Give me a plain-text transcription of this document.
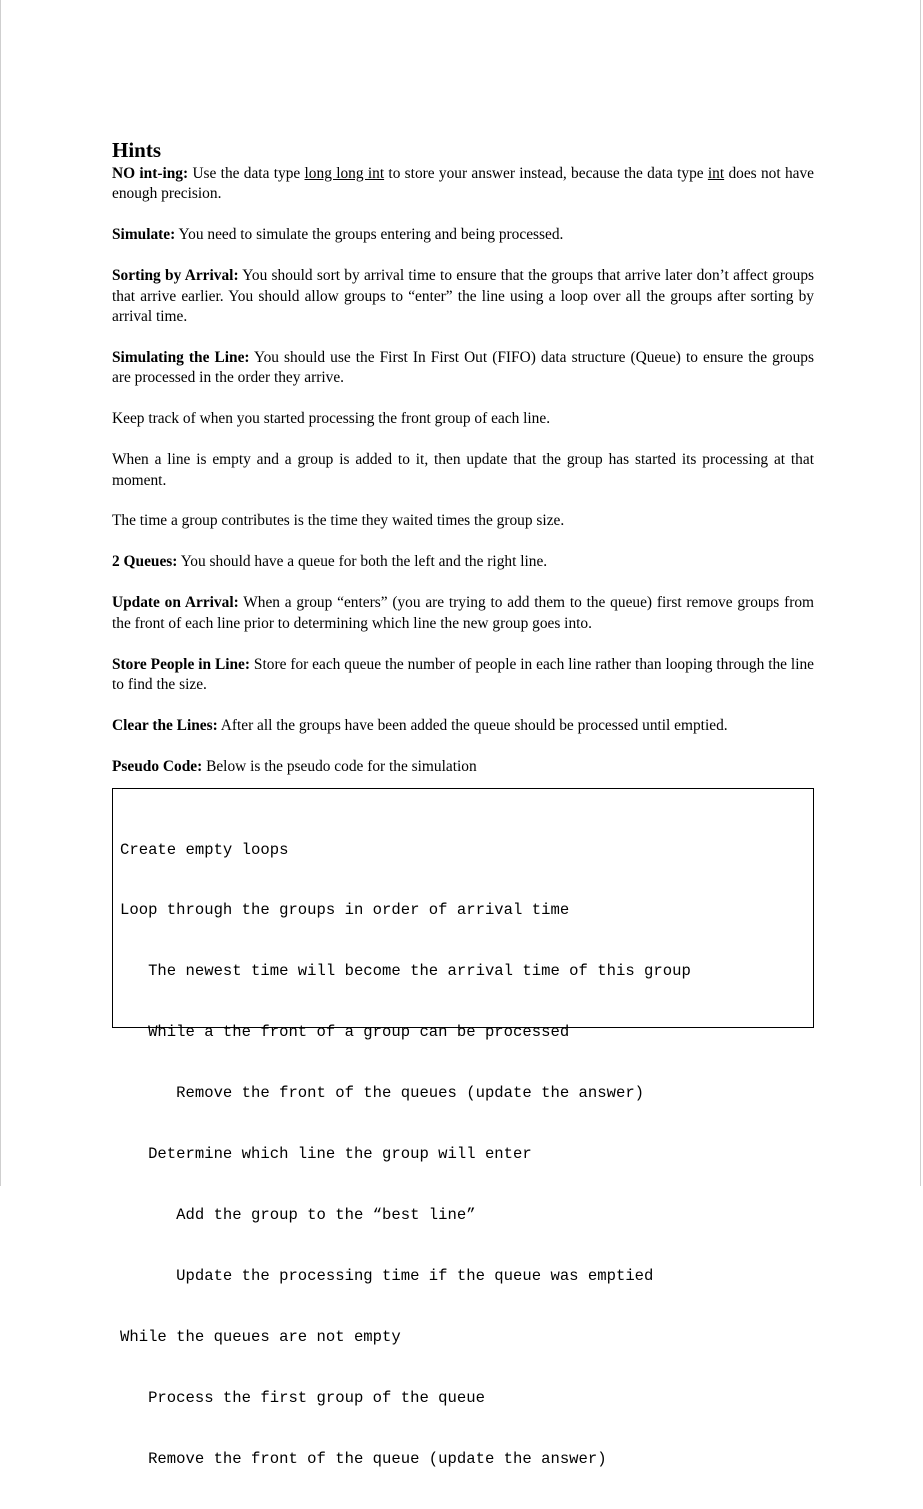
Hints

NO int-ing: Use the data type long long int to store your answer instead, because the data type int does not have enough precision.

Simulate: You need to simulate the groups entering and being processed.

Sorting by Arrival: You should sort by arrival time to ensure that the groups that arrive later don’t affect groups that arrive earlier. You should allow groups to “enter” the line using a loop over all the groups after sorting by arrival time.

Simulating the Line: You should use the First In First Out (FIFO) data structure (Queue) to ensure the groups are processed in the order they arrive.

Keep track of when you started processing the front group of each line.

When a line is empty and a group is added to it, then update that the group has started its processing at that moment.

The time a group contributes is the time they waited times the group size.

2 Queues: You should have a queue for both the left and the right line.

Update on Arrival: When a group “enters” (you are trying to add them to the queue) first remove groups from the front of each line prior to determining which line the new group goes into.

Store People in Line: Store for each queue the number of people in each line rather than looping through the line to find the size.

Clear the Lines: After all the groups have been added the queue should be processed until emptied.

Pseudo Code: Below is the pseudo code for the simulation

Create empty loops

Loop through the groups in order of arrival time

The newest time will become the arrival time of this group

While a the front of a group can be processed

Remove the front of the queues (update the answer)

Determine which line the group will enter

Add the group to the “best line”

Update the processing time if the queue was emptied

While the queues are not empty

Process the first group of the queue

Remove the front of the queue (update the answer)
